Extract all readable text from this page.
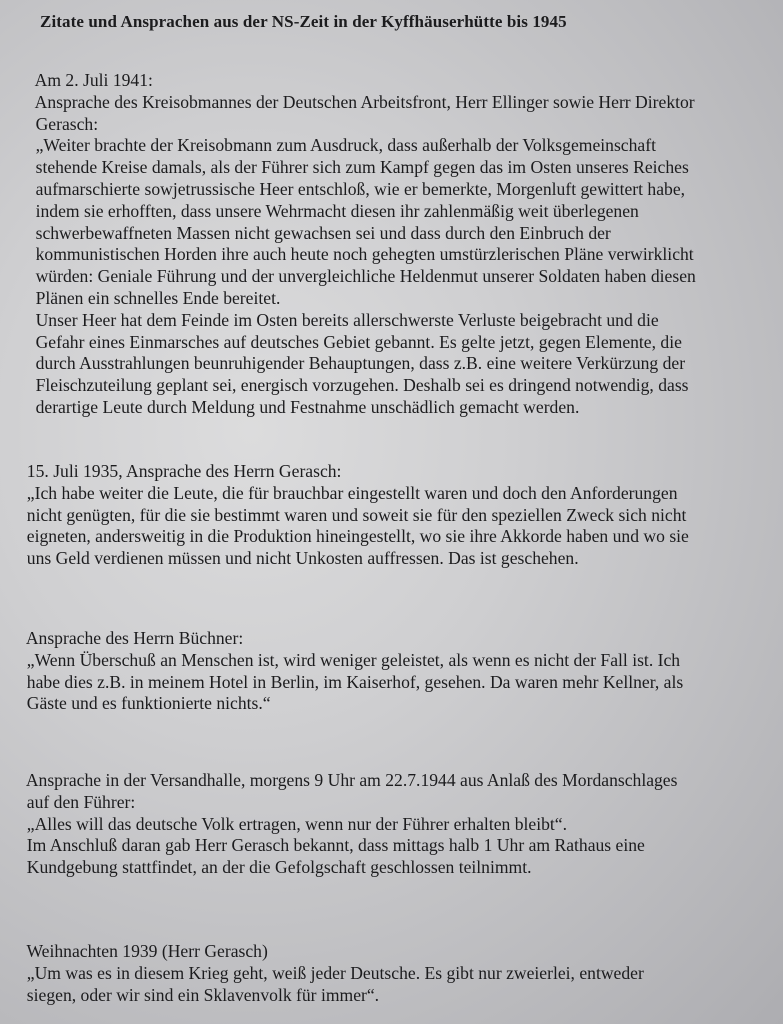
Zitate und Ansprachen aus der NS-Zeit in der Kyffhäuserhütte bis 1945
Am 2. Juli 1941:
Ansprache des Kreisobmannes der Deutschen Arbeitsfront, Herr Ellinger sowie Herr Direktor
Gerasch:
„Weiter brachte der Kreisobmann zum Ausdruck, dass außerhalb der Volksgemeinschaft
stehende Kreise damals, als der Führer sich zum Kampf gegen das im Osten unseres Reiches
aufmarschierte sowjetrussische Heer entschloß, wie er bemerkte, Morgenluft gewittert habe,
indem sie erhofften, dass unsere Wehrmacht diesen ihr zahlenmäßig weit überlegenen
schwerbewaffneten Massen nicht gewachsen sei und dass durch den Einbruch der
kommunistischen Horden ihre auch heute noch gehegten umstürzlerischen Pläne verwirklicht
würden: Geniale Führung und der unvergleichliche Heldenmut unserer Soldaten haben diesen
Plänen ein schnelles Ende bereitet.
Unser Heer hat dem Feinde im Osten bereits allerschwerste Verluste beigebracht und die
Gefahr eines Einmarsches auf deutsches Gebiet gebannt. Es gelte jetzt, gegen Elemente, die
durch Ausstrahlungen beunruhigender Behauptungen, dass z.B. eine weitere Verkürzung der
Fleischzuteilung geplant sei, energisch vorzugehen. Deshalb sei es dringend notwendig, dass
derartige Leute durch Meldung und Festnahme unschädlich gemacht werden.
15. Juli 1935, Ansprache des Herrn Gerasch:
„Ich habe weiter die Leute, die für brauchbar eingestellt waren und doch den Anforderungen
nicht genügten, für die sie bestimmt waren und soweit sie für den speziellen Zweck sich nicht
eigneten, andersweitig in die Produktion hineingestellt, wo sie ihre Akkorde haben und wo sie
uns Geld verdienen müssen und nicht Unkosten auffressen. Das ist geschehen.
Ansprache des Herrn Büchner:
„Wenn Überschuß an Menschen ist, wird weniger geleistet, als wenn es nicht der Fall ist. Ich
habe dies z.B. in meinem Hotel in Berlin, im Kaiserhof, gesehen. Da waren mehr Kellner, als
Gäste und es funktionierte nichts.“
Ansprache in der Versandhalle, morgens 9 Uhr am 22.7.1944 aus Anlaß des Mordanschlages
auf den Führer:
„Alles will das deutsche Volk ertragen, wenn nur der Führer erhalten bleibt“.
Im Anschluß daran gab Herr Gerasch bekannt, dass mittags halb 1 Uhr am Rathaus eine
Kundgebung stattfindet, an der die Gefolgschaft geschlossen teilnimmt.
Weihnachten 1939 (Herr Gerasch)
„Um was es in diesem Krieg geht, weiß jeder Deutsche. Es gibt nur zweierlei, entweder
siegen, oder wir sind ein Sklavenvolk für immer“.
